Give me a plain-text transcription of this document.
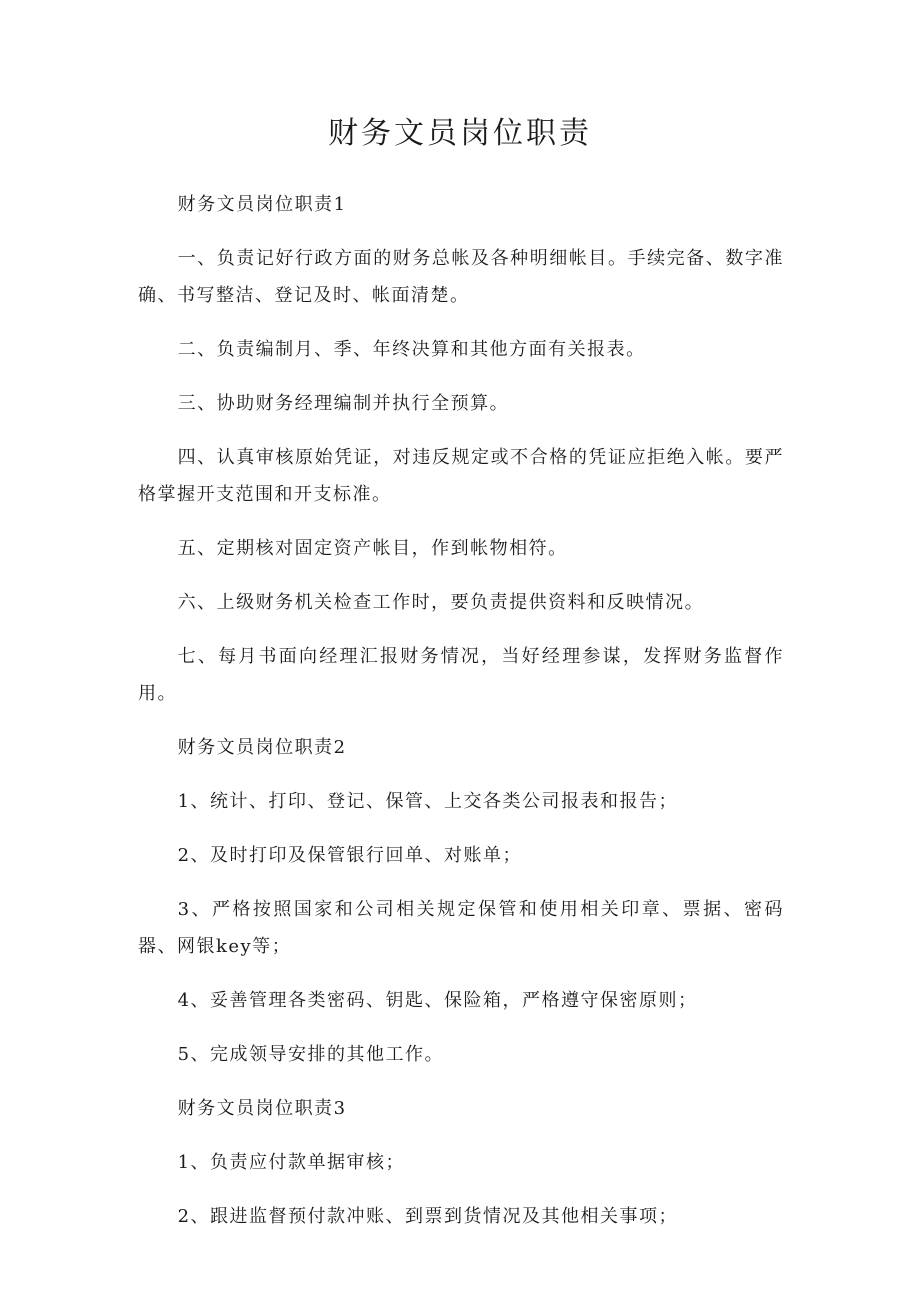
财务文员岗位职责

财务文员岗位职责1

一、负责记好行政方面的财务总帐及各种明细帐目。手续完备、数字准确、书写整洁、登记及时、帐面清楚。

二、负责编制月、季、年终决算和其他方面有关报表。

三、协助财务经理编制并执行全预算。

四、认真审核原始凭证，对违反规定或不合格的凭证应拒绝入帐。要严格掌握开支范围和开支标准。

五、定期核对固定资产帐目，作到帐物相符。

六、上级财务机关检查工作时，要负责提供资料和反映情况。

七、每月书面向经理汇报财务情况，当好经理参谋，发挥财务监督作用。

财务文员岗位职责2

1、统计、打印、登记、保管、上交各类公司报表和报告；

2、及时打印及保管银行回单、对账单；

3、严格按照国家和公司相关规定保管和使用相关印章、票据、密码器、网银key等；

4、妥善管理各类密码、钥匙、保险箱，严格遵守保密原则；

5、完成领导安排的其他工作。

财务文员岗位职责3

1、负责应付款单据审核；

2、跟进监督预付款冲账、到票到货情况及其他相关事项；
